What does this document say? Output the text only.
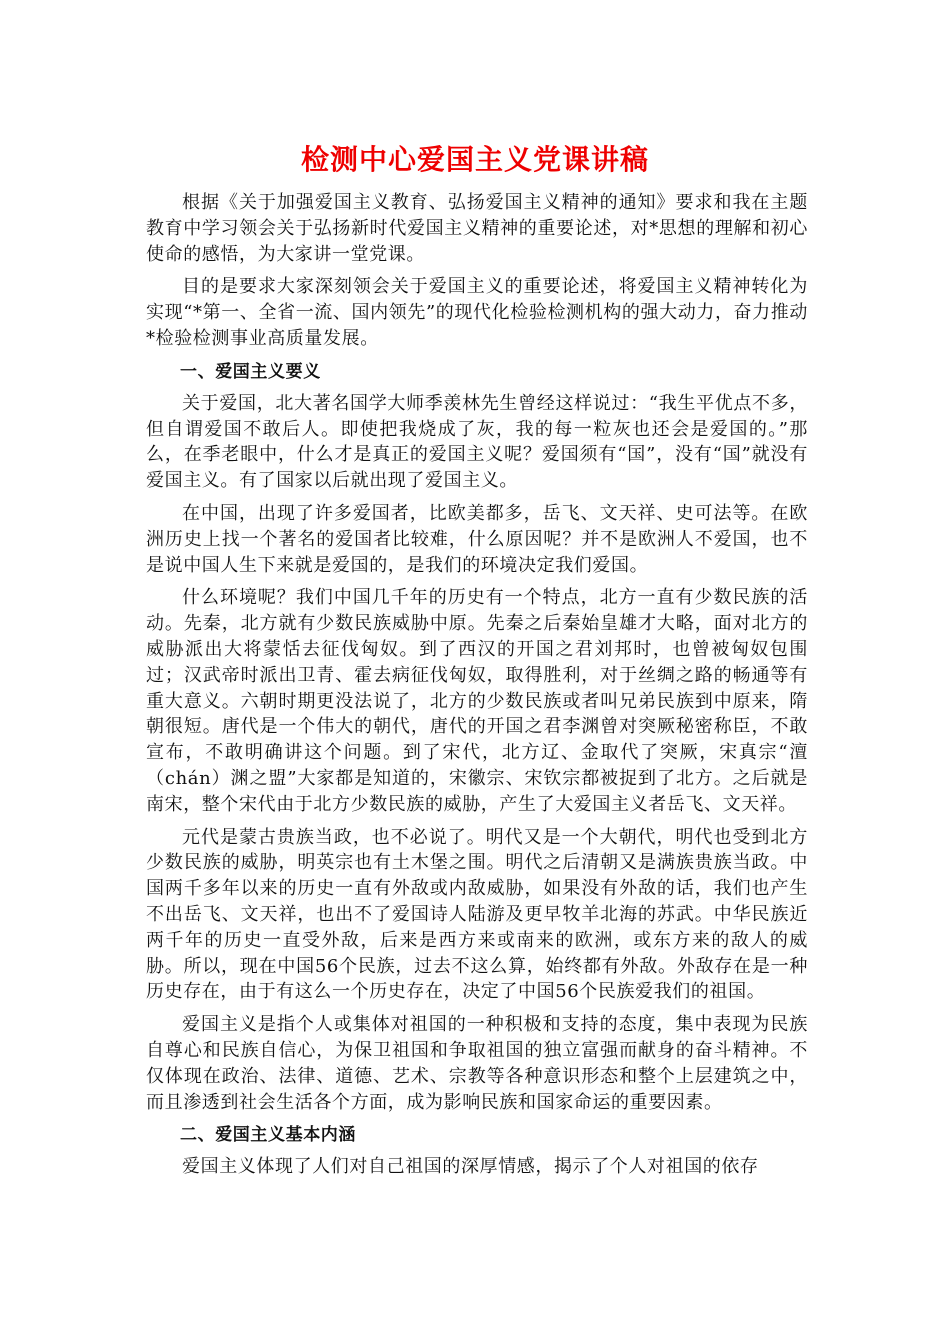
检测中心爱国主义党课讲稿

根据《关于加强爱国主义教育、弘扬爱国主义精神的通知》要求和我在主题教育中学习领会关于弘扬新时代爱国主义精神的重要论述，对*思想的理解和初心使命的感悟，为大家讲一堂党课。

目的是要求大家深刻领会关于爱国主义的重要论述，将爱国主义精神转化为实现“*第一、全省一流、国内领先”的现代化检验检测机构的强大动力，奋力推动*检验检测事业高质量发展。

一、爱国主义要义

关于爱国，北大著名国学大师季羡林先生曾经这样说过：“我生平优点不多，但自谓爱国不敢后人。即使把我烧成了灰，我的每一粒灰也还会是爱国的。”那么，在季老眼中，什么才是真正的爱国主义呢？爱国须有“国”，没有“国”就没有爱国主义。有了国家以后就出现了爱国主义。

在中国，出现了许多爱国者，比欧美都多，岳飞、文天祥、史可法等。在欧洲历史上找一个著名的爱国者比较难，什么原因呢？并不是欧洲人不爱国，也不是说中国人生下来就是爱国的，是我们的环境决定我们爱国。

什么环境呢？我们中国几千年的历史有一个特点，北方一直有少数民族的活动。先秦，北方就有少数民族威胁中原。先秦之后秦始皇雄才大略，面对北方的威胁派出大将蒙恬去征伐匈奴。到了西汉的开国之君刘邦时，也曾被匈奴包围过；汉武帝时派出卫青、霍去病征伐匈奴，取得胜利，对于丝绸之路的畅通等有重大意义。六朝时期更没法说了，北方的少数民族或者叫兄弟民族到中原来，隋朝很短。唐代是一个伟大的朝代，唐代的开国之君李渊曾对突厥秘密称臣，不敢宣布，不敢明确讲这个问题。到了宋代，北方辽、金取代了突厥，宋真宗“澶（chán）渊之盟”大家都是知道的，宋徽宗、宋钦宗都被捉到了北方。之后就是南宋，整个宋代由于北方少数民族的威胁，产生了大爱国主义者岳飞、文天祥。

元代是蒙古贵族当政，也不必说了。明代又是一个大朝代，明代也受到北方少数民族的威胁，明英宗也有土木堡之围。明代之后清朝又是满族贵族当政。中国两千多年以来的历史一直有外敌或内敌威胁，如果没有外敌的话，我们也产生不出岳飞、文天祥，也出不了爱国诗人陆游及更早牧羊北海的苏武。中华民族近两千年的历史一直受外敌，后来是西方来或南来的欧洲，或东方来的敌人的威胁。所以，现在中国56个民族，过去不这么算，始终都有外敌。外敌存在是一种历史存在，由于有这么一个历史存在，决定了中国56个民族爱我们的祖国。

爱国主义是指个人或集体对祖国的一种积极和支持的态度，集中表现为民族自尊心和民族自信心，为保卫祖国和争取祖国的独立富强而献身的奋斗精神。不仅体现在政治、法律、道德、艺术、宗教等各种意识形态和整个上层建筑之中，而且渗透到社会生活各个方面，成为影响民族和国家命运的重要因素。

二、爱国主义基本内涵

爱国主义体现了人们对自己祖国的深厚情感，揭示了个人对祖国的依存
